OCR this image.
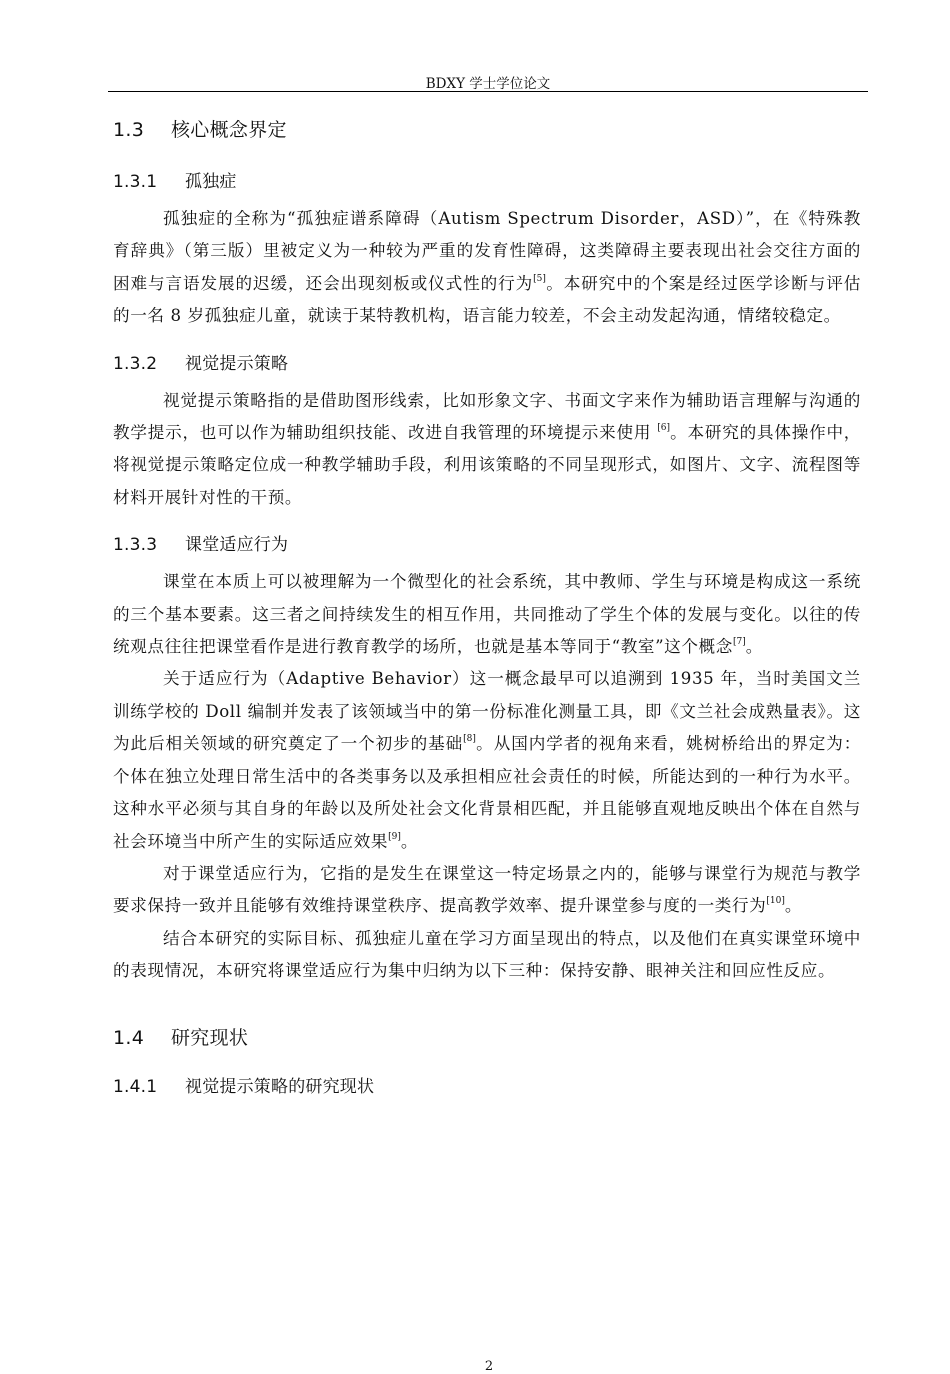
BDXY 学士学位论文
1.3 核心概念界定
1.3.1 孤独症

孤独症的全称为“孤独症谱系障碍（Autism Spectrum Disorder，ASD）”，在《特殊教育辞典》（第三版）里被定义为一种较为严重的发育性障碍，这类障碍主要表现出社会交往方面的困难与言语发展的迟缓，还会出现刻板或仪式性的行为[5]。本研究中的个案是经过医学诊断与评估的一名 8 岁孤独症儿童，就读于某特教机构，语言能力较差，不会主动发起沟通，情绪较稳定。

1.3.2 视觉提示策略

视觉提示策略指的是借助图形线索，比如形象文字、书面文字来作为辅助语言理解与沟通的教学提示，也可以作为辅助组织技能、改进自我管理的环境提示来使用 [6]。本研究的具体操作中，将视觉提示策略定位成一种教学辅助手段，利用该策略的不同呈现形式，如图片、文字、流程图等材料开展针对性的干预。

1.3.3 课堂适应行为

课堂在本质上可以被理解为一个微型化的社会系统，其中教师、学生与环境是构成这一系统的三个基本要素。这三者之间持续发生的相互作用，共同推动了学生个体的发展与变化。以往的传统观点往往把课堂看作是进行教育教学的场所，也就是基本等同于“教室”这个概念[7]。

关于适应行为（Adaptive Behavior）这一概念最早可以追溯到 1935 年，当时美国文兰训练学校的 Doll 编制并发表了该领域当中的第一份标准化测量工具，即《文兰社会成熟量表》。这为此后相关领域的研究奠定了一个初步的基础[8]。从国内学者的视角来看，姚树桥给出的界定为：个体在独立处理日常生活中的各类事务以及承担相应社会责任的时候，所能达到的一种行为水平。这种水平必须与其自身的年龄以及所处社会文化背景相匹配，并且能够直观地反映出个体在自然与社会环境当中所产生的实际适应效果[9]。

对于课堂适应行为，它指的是发生在课堂这一特定场景之内的，能够与课堂行为规范与教学要求保持一致并且能够有效维持课堂秩序、提高教学效率、提升课堂参与度的一类行为[10]。

结合本研究的实际目标、孤独症儿童在学习方面呈现出的特点，以及他们在真实课堂环境中的表现情况，本研究将课堂适应行为集中归纳为以下三种：保持安静、眼神关注和回应性反应。

1.4 研究现状
1.4.1 视觉提示策略的研究现状
2
